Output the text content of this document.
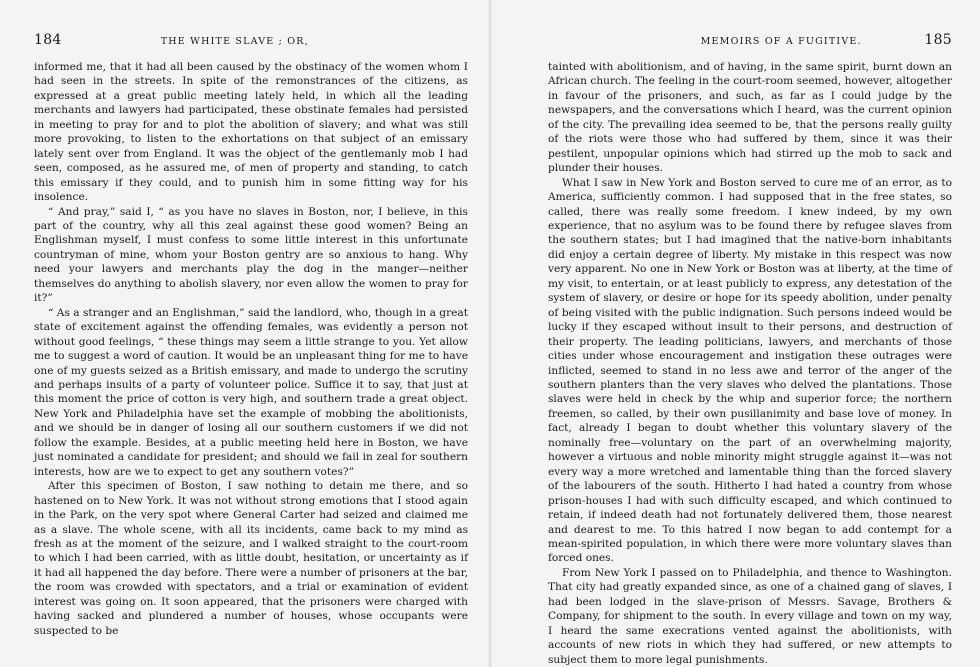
184	THE WHITE SLAVE ; OR,

informed me, that it had all been caused by the obstinacy of the women whom I had seen in the streets. In spite of the remonstrances of the citizens, as expressed at a great public meeting lately held, in which all the leading merchants and lawyers had participated, these obstinate females had persisted in meeting to pray for and to plot the abolition of slavery; and what was still more provoking, to listen to the exhortations on that subject of an emissary lately sent over from England. It was the object of the gentlemanly mob I had seen, composed, as he assured me, of men of property and standing, to catch this emissary if they could, and to punish him in some fitting way for his insolence.

“ And pray,” said I, “ as you have no slaves in Boston, nor, I believe, in this part of the country, why all this zeal against these good women? Being an Englishman myself, I must confess to some little interest in this unfortunate countryman of mine, whom your Boston gentry are so anxious to hang. Why need your lawyers and merchants play the dog in the manger—neither themselves do anything to abolish slavery, nor even allow the women to pray for it?”

“ As a stranger and an Englishman,” said the landlord, who, though in a great state of excitement against the offending females, was evidently a person not without good feelings, “ these things may seem a little strange to you. Yet allow me to suggest a word of caution. It would be an unpleasant thing for me to have one of my guests seized as a British emissary, and made to undergo the scrutiny and perhaps insults of a party of volunteer police. Suffice it to say, that just at this moment the price of cotton is very high, and southern trade a great object. New York and Philadelphia have set the example of mobbing the abolitionists, and we should be in danger of losing all our southern customers if we did not follow the example. Besides, at a public meeting held here in Boston, we have just nominated a candidate for president; and should we fail in zeal for southern interests, how are we to expect to get any southern votes?”

After this specimen of Boston, I saw nothing to detain me there, and so hastened on to New York. It was not without strong emotions that I stood again in the Park, on the very spot where General Carter had seized and claimed me as a slave. The whole scene, with all its incidents, came back to my mind as fresh as at the moment of the seizure, and I walked straight to the court-room to which I had been carried, with as little doubt, hesitation, or uncertainty as if it had all happened the day before. There were a number of prisoners at the bar, the room was crowded with spectators, and a trial or examination of evident interest was going on. It soon appeared, that the prisoners were charged with having sacked and plundered a number of houses, whose occupants were suspected to be

MEMOIRS OF A FUGITIVE.	185

tainted with abolitionism, and of having, in the same spirit, burnt down an African church. The feeling in the court-room seemed, however, altogether in favour of the prisoners, and such, as far as I could judge by the newspapers, and the conversations which I heard, was the current opinion of the city. The prevailing idea seemed to be, that the persons really guilty of the riots were those who had suffered by them, since it was their pestilent, unpopular opinions which had stirred up the mob to sack and plunder their houses.

What I saw in New York and Boston served to cure me of an error, as to America, sufficiently common. I had supposed that in the free states, so called, there was really some freedom. I knew indeed, by my own experience, that no asylum was to be found there by refugee slaves from the southern states; but I had imagined that the native-born inhabitants did enjoy a certain degree of liberty. My mistake in this respect was now very apparent. No one in New York or Boston was at liberty, at the time of my visit, to entertain, or at least publicly to express, any detestation of the system of slavery, or desire or hope for its speedy abolition, under penalty of being visited with the public indignation. Such persons indeed would be lucky if they escaped without insult to their persons, and destruction of their property. The leading politicians, lawyers, and merchants of those cities under whose encouragement and instigation these outrages were inflicted, seemed to stand in no less awe and terror of the anger of the southern planters than the very slaves who delved the plantations. Those slaves were held in check by the whip and superior force; the northern freemen, so called, by their own pusillanimity and base love of money. In fact, already I began to doubt whether this voluntary slavery of the nominally free—voluntary on the part of an overwhelming majority, however a virtuous and noble minority might struggle against it—was not every way a more wretched and lamentable thing than the forced slavery of the labourers of the south. Hitherto I had hated a country from whose prison-houses I had with such difficulty escaped, and which continued to retain, if indeed death had not fortunately delivered them, those nearest and dearest to me. To this hatred I now began to add contempt for a mean-spirited population, in which there were more voluntary slaves than forced ones.

From New York I passed on to Philadelphia, and thence to Washington. That city had greatly expanded since, as one of a chained gang of slaves, I had been lodged in the slave-prison of Messrs. Savage, Brothers & Company, for shipment to the south. In every village and town on my way, I heard the same execrations vented against the abolitionists, with accounts of new riots in which they had suffered, or new attempts to subject them to more legal punishments.
